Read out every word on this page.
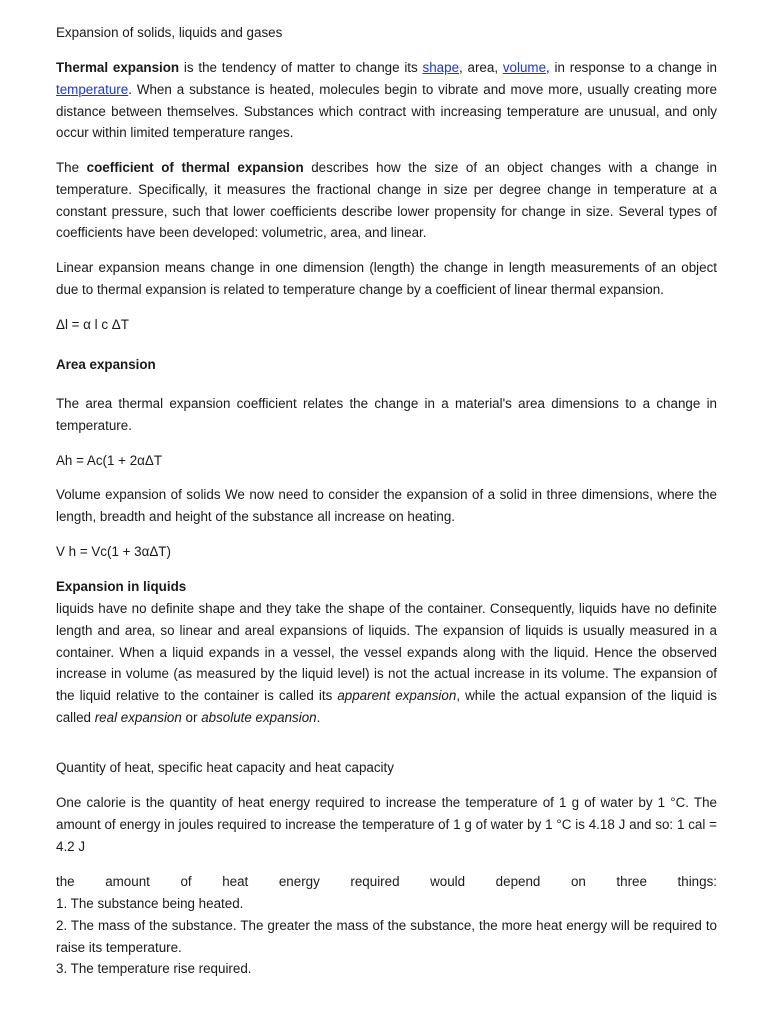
Expansion of solids, liquids and gases

Thermal expansion is the tendency of matter to change its shape, area, volume, in response to a change in temperature. When a substance is heated, molecules begin to vibrate and move more, usually creating more distance between themselves. Substances which contract with increasing temperature are unusual, and only occur within limited temperature ranges.

The coefficient of thermal expansion describes how the size of an object changes with a change in temperature. Specifically, it measures the fractional change in size per degree change in temperature at a constant pressure, such that lower coefficients describe lower propensity for change in size. Several types of coefficients have been developed: volumetric, area, and linear.

Linear expansion means change in one dimension (length) the change in length measurements of an object due to thermal expansion is related to temperature change by a coefficient of linear thermal expansion.

Δl = α l c ΔT

Area expansion

The area thermal expansion coefficient relates the change in a material's area dimensions to a change in temperature.

Ah = Ac(1 + 2αΔT

Volume expansion of solids We now need to consider the expansion of a solid in three dimensions, where the length, breadth and height of the substance all increase on heating.

V h = Vc(1 + 3αΔT)

Expansion in liquids

liquids have no definite shape and they take the shape of the container. Consequently, liquids have no definite length and area, so linear and areal expansions of liquids. The expansion of liquids is usually measured in a container. When a liquid expands in a vessel, the vessel expands along with the liquid. Hence the observed increase in volume (as measured by the liquid level) is not the actual increase in its volume. The expansion of the liquid relative to the container is called its apparent expansion, while the actual expansion of the liquid is called real expansion or absolute expansion.

Quantity of heat, specific heat capacity and heat capacity

One calorie is the quantity of heat energy required to increase the temperature of 1 g of water by 1 °C. The amount of energy in joules required to increase the temperature of 1 g of water by 1 °C is 4.18 J and so: 1 cal = 4.2 J

the amount of heat energy required would depend on three things:

1. The substance being heated.

2. The mass of the substance. The greater the mass of the substance, the more heat energy will be required to raise its temperature.

3. The temperature rise required.
